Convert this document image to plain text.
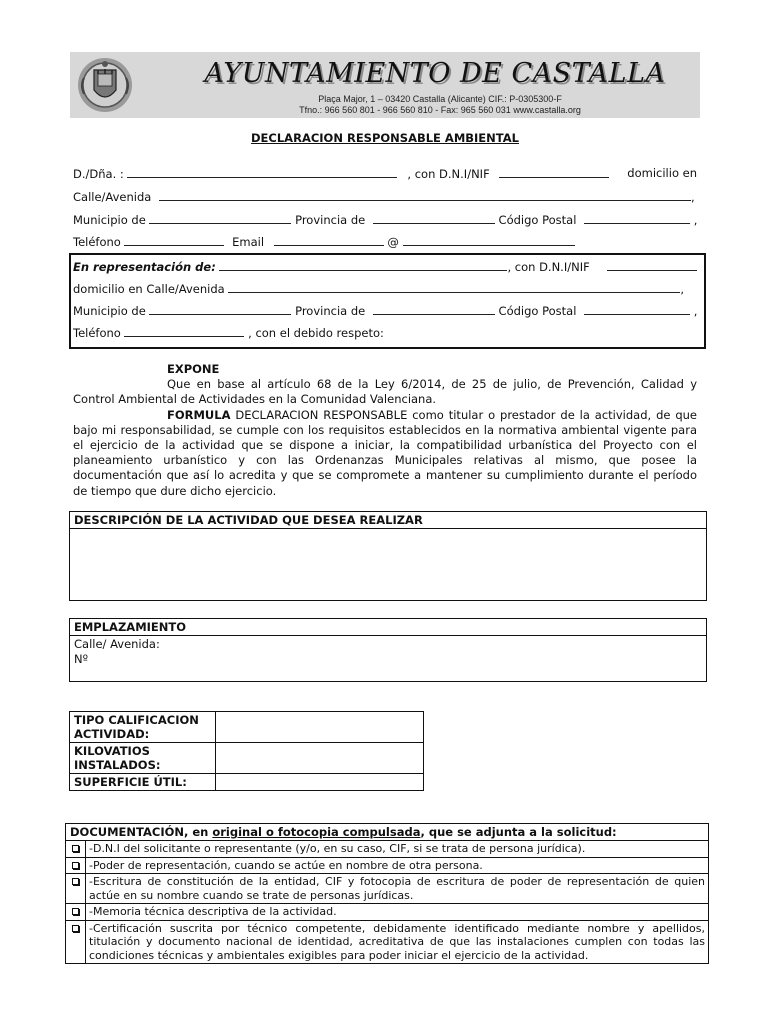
AYUNTAMIENTO DE CASTALLA
Plaça Major, 1 – 03420 Castalla (Alicante) CIF.: P-0305300-F
Tfno.: 966 560 801 - 966 560 810 - Fax: 965 560 031 www.castalla.org
DECLARACION RESPONSABLE AMBIENTAL
D./Dña. :	, con D.N.I/NIF	domicilio en
Calle/Avenida	,
Municipio de	Provincia de	Código Postal	,
Teléfono	Email	@
En representación de:	, con D.N.I/NIF
domicilio en Calle/Avenida	,
Municipio de	Provincia de	Código Postal	,
Teléfono	, con el debido respeto:
EXPONE
Que en base al artículo 68 de la Ley 6/2014, de 25 de julio, de Prevención, Calidad y Control Ambiental de Actividades en la Comunidad Valenciana.
FORMULA DECLARACION RESPONSABLE como titular o prestador de la actividad, de que bajo mi responsabilidad, se cumple con los requisitos establecidos en la normativa ambiental vigente para el ejercicio de la actividad que se dispone a iniciar, la compatibilidad urbanística del Proyecto con el planeamiento urbanístico y con las Ordenanzas Municipales relativas al mismo, que posee la documentación que así lo acredita y que se compromete a mantener su cumplimiento durante el período de tiempo que dure dicho ejercicio.
DESCRIPCIÓN DE LA ACTIVIDAD QUE DESEA REALIZAR
EMPLAZAMIENTO
Calle/ Avenida:
Nº
TIPO CALIFICACION ACTIVIDAD:	
KILOVATIOS INSTALADOS:	
SUPERFICIE ÚTIL:	
DOCUMENTACIÓN, en original o fotocopia compulsada, que se adjunta a la solicitud:	
	-D.N.I del solicitante o representante (y/o, en su caso, CIF, si se trata de persona jurídica).
	-Poder de representación, cuando se actúe en nombre de otra persona.
	-Escritura de constitución de la entidad, CIF y fotocopia de escritura de poder de representación de quien actúe en su nombre cuando se trate de personas jurídicas.
	-Memoria técnica descriptiva de la actividad.
	-Certificación suscrita por técnico competente, debidamente identificado mediante nombre y apellidos, titulación y documento nacional de identidad, acreditativa de que las instalaciones cumplen con todas las condiciones técnicas y ambientales exigibles para poder iniciar el ejercicio de la actividad.
